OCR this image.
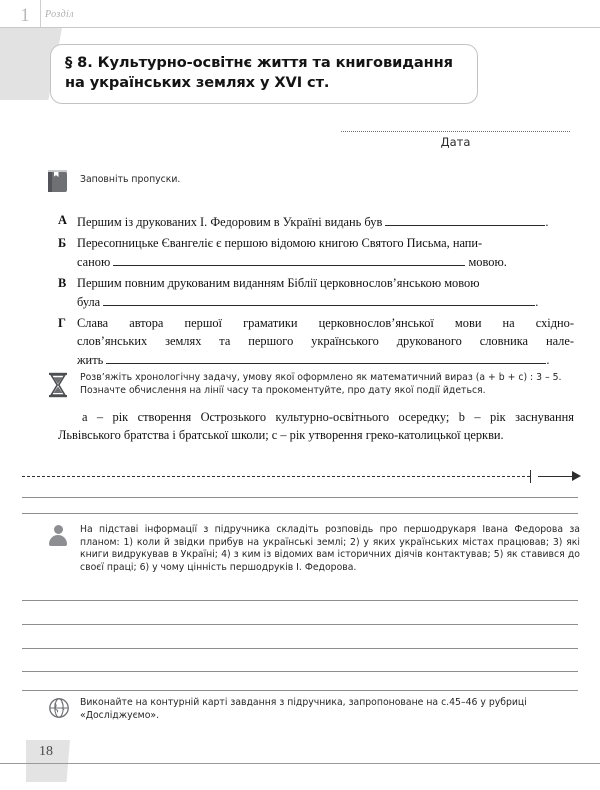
1	Розділ
§ 8. Культурно-освітнє життя та книговидання
на українських землях у XVI ст.
Дата
Заповніть пропуски.
А Першим із друкованих І. Федоровим в Україні видань був	.
Б Пересопницьке Євангеліє є першою відомою книгою Святого Письма, напи-
саною	мовою.
В Першим повним друкованим виданням Біблії церковнослов’янською мовою
була	.
Г Слава автора першої граматики церковнослов’янської мови на східно-
слов’янських землях та першого українського друкованого словника нале-
жить	.
Розв’яжіть хронологічну задачу, умову якої оформлено як математичний вираз (a + b + c) : 3 – 5.
Позначте обчислення на лінії часу та прокоментуйте, про дату якої події йдеться.
a – рік створення Острозького культурно-освітнього осередку; b – рік заснування Львівського братства і братської школи; c – рік утворення греко-католицької церкви.
На підставі інформації з підручника складіть розповідь про першодрукаря Івана Федорова за планом: 1) коли й звідки прибув на українські землі; 2) у яких українських містах працював; 3) які книги видрукував в Україні; 4) з ким із відомих вам історичних діячів контактував; 5) як ставився до своєї праці; 6) у чому цінність першодруків І. Федорова.
Виконайте на контурній карті завдання з підручника, запропоноване на с.45–46 у рубриці
«Досліджуємо».
18
